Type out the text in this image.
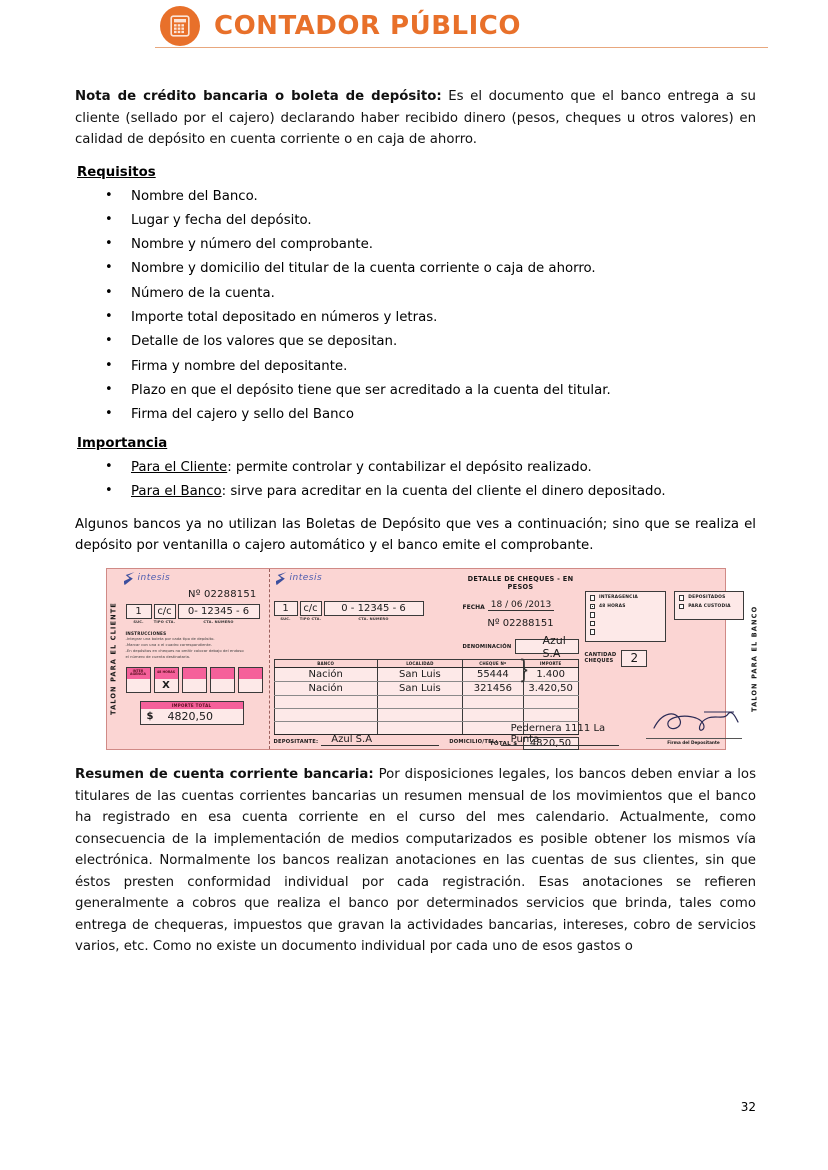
CONTADOR PÚBLICO

Nota de crédito bancaria o boleta de depósito: Es el documento que el banco entrega a su cliente (sellado por el cajero) declarando haber recibido dinero (pesos, cheques u otros valores) en calidad de depósito en cuenta corriente o en caja de ahorro.

Requisitos
• Nombre del Banco.
• Lugar y fecha del depósito.
• Nombre y número del comprobante.
• Nombre y domicilio del titular de la cuenta corriente o caja de ahorro.
• Número de la cuenta.
• Importe total depositado en números y letras.
• Detalle de los valores que se depositan.
• Firma y nombre del depositante.
• Plazo en que el depósito tiene que ser acreditado a la cuenta del titular.
• Firma del cajero y sello del Banco
Importancia
• Para el Cliente: permite controlar y contabilizar el depósito realizado.
• Para el Banco: sirve para acreditar en la cuenta del cliente el dinero depositado.

Algunos bancos ya no utilizan las Boletas de Depósito que ves a continuación; sino que se realiza el depósito por ventanilla o cajero automático y el banco emite el comprobante.

TALON PARA EL CLIENTE
intesis
Nº 02288151
1
SUC.
c/c
TIPO CTA.
0- 12345 - 6
CTA. NÚMERO
INSTRUCCIONES
-Integrar una boleta por cada tipo de depósito.
-Marcar con una x el cuadro correspondiente.
-En depósitos en cheques no omitir colocar debajo del endoso
el número de cuenta destinataria.
INTER AGENCIA	48 HORAS
X
IMPORTE TOTAL
$ 4820,50
intesis
1
SUC.
c/c
TIPO CTA.
0 - 12345 - 6
CTA. NÚMERO
DETALLE DE CHEQUES - EN PESOS
FECHA 18 / 06 /2013
Nº 02288151
DENOMINACIÓN	Azul S.A
BANCO	LOCALIDAD	CHEQUE Nº	IMPORTE
Nación	San Luis	55444	1.400
Nación	San Luis	321456	3.420,50

}
TOTAL $	4820,50
DEPOSITANTE:	Azul S.A	DOMICILIO/TEL:
Pedernera 1111 La Punta
INTERAGENCIA
48 HORAS
DEPOSITADOS
PARA CUSTODIA
CANTIDAD
CHEQUES	2
Firma del Depositante
TALON PARA EL BANCO

Resumen de cuenta corriente bancaria: Por disposiciones legales, los bancos deben enviar a los titulares de las cuentas corrientes bancarias un resumen mensual de los movimientos que el banco ha registrado en esa cuenta corriente en el curso del mes calendario. Actualmente, como consecuencia de la implementación de medios computarizados es posible obtener los mismos vía electrónica. Normalmente los bancos realizan anotaciones en las cuentas de sus clientes, sin que éstos presten conformidad individual por cada registración. Esas anotaciones se refieren generalmente a cobros que realiza el banco por determinados servicios que brinda, tales como entrega de chequeras, impuestos que gravan la actividades bancarias, intereses, cobro de servicios varios, etc. Como no existe un documento individual por cada uno de esos gastos o

32
